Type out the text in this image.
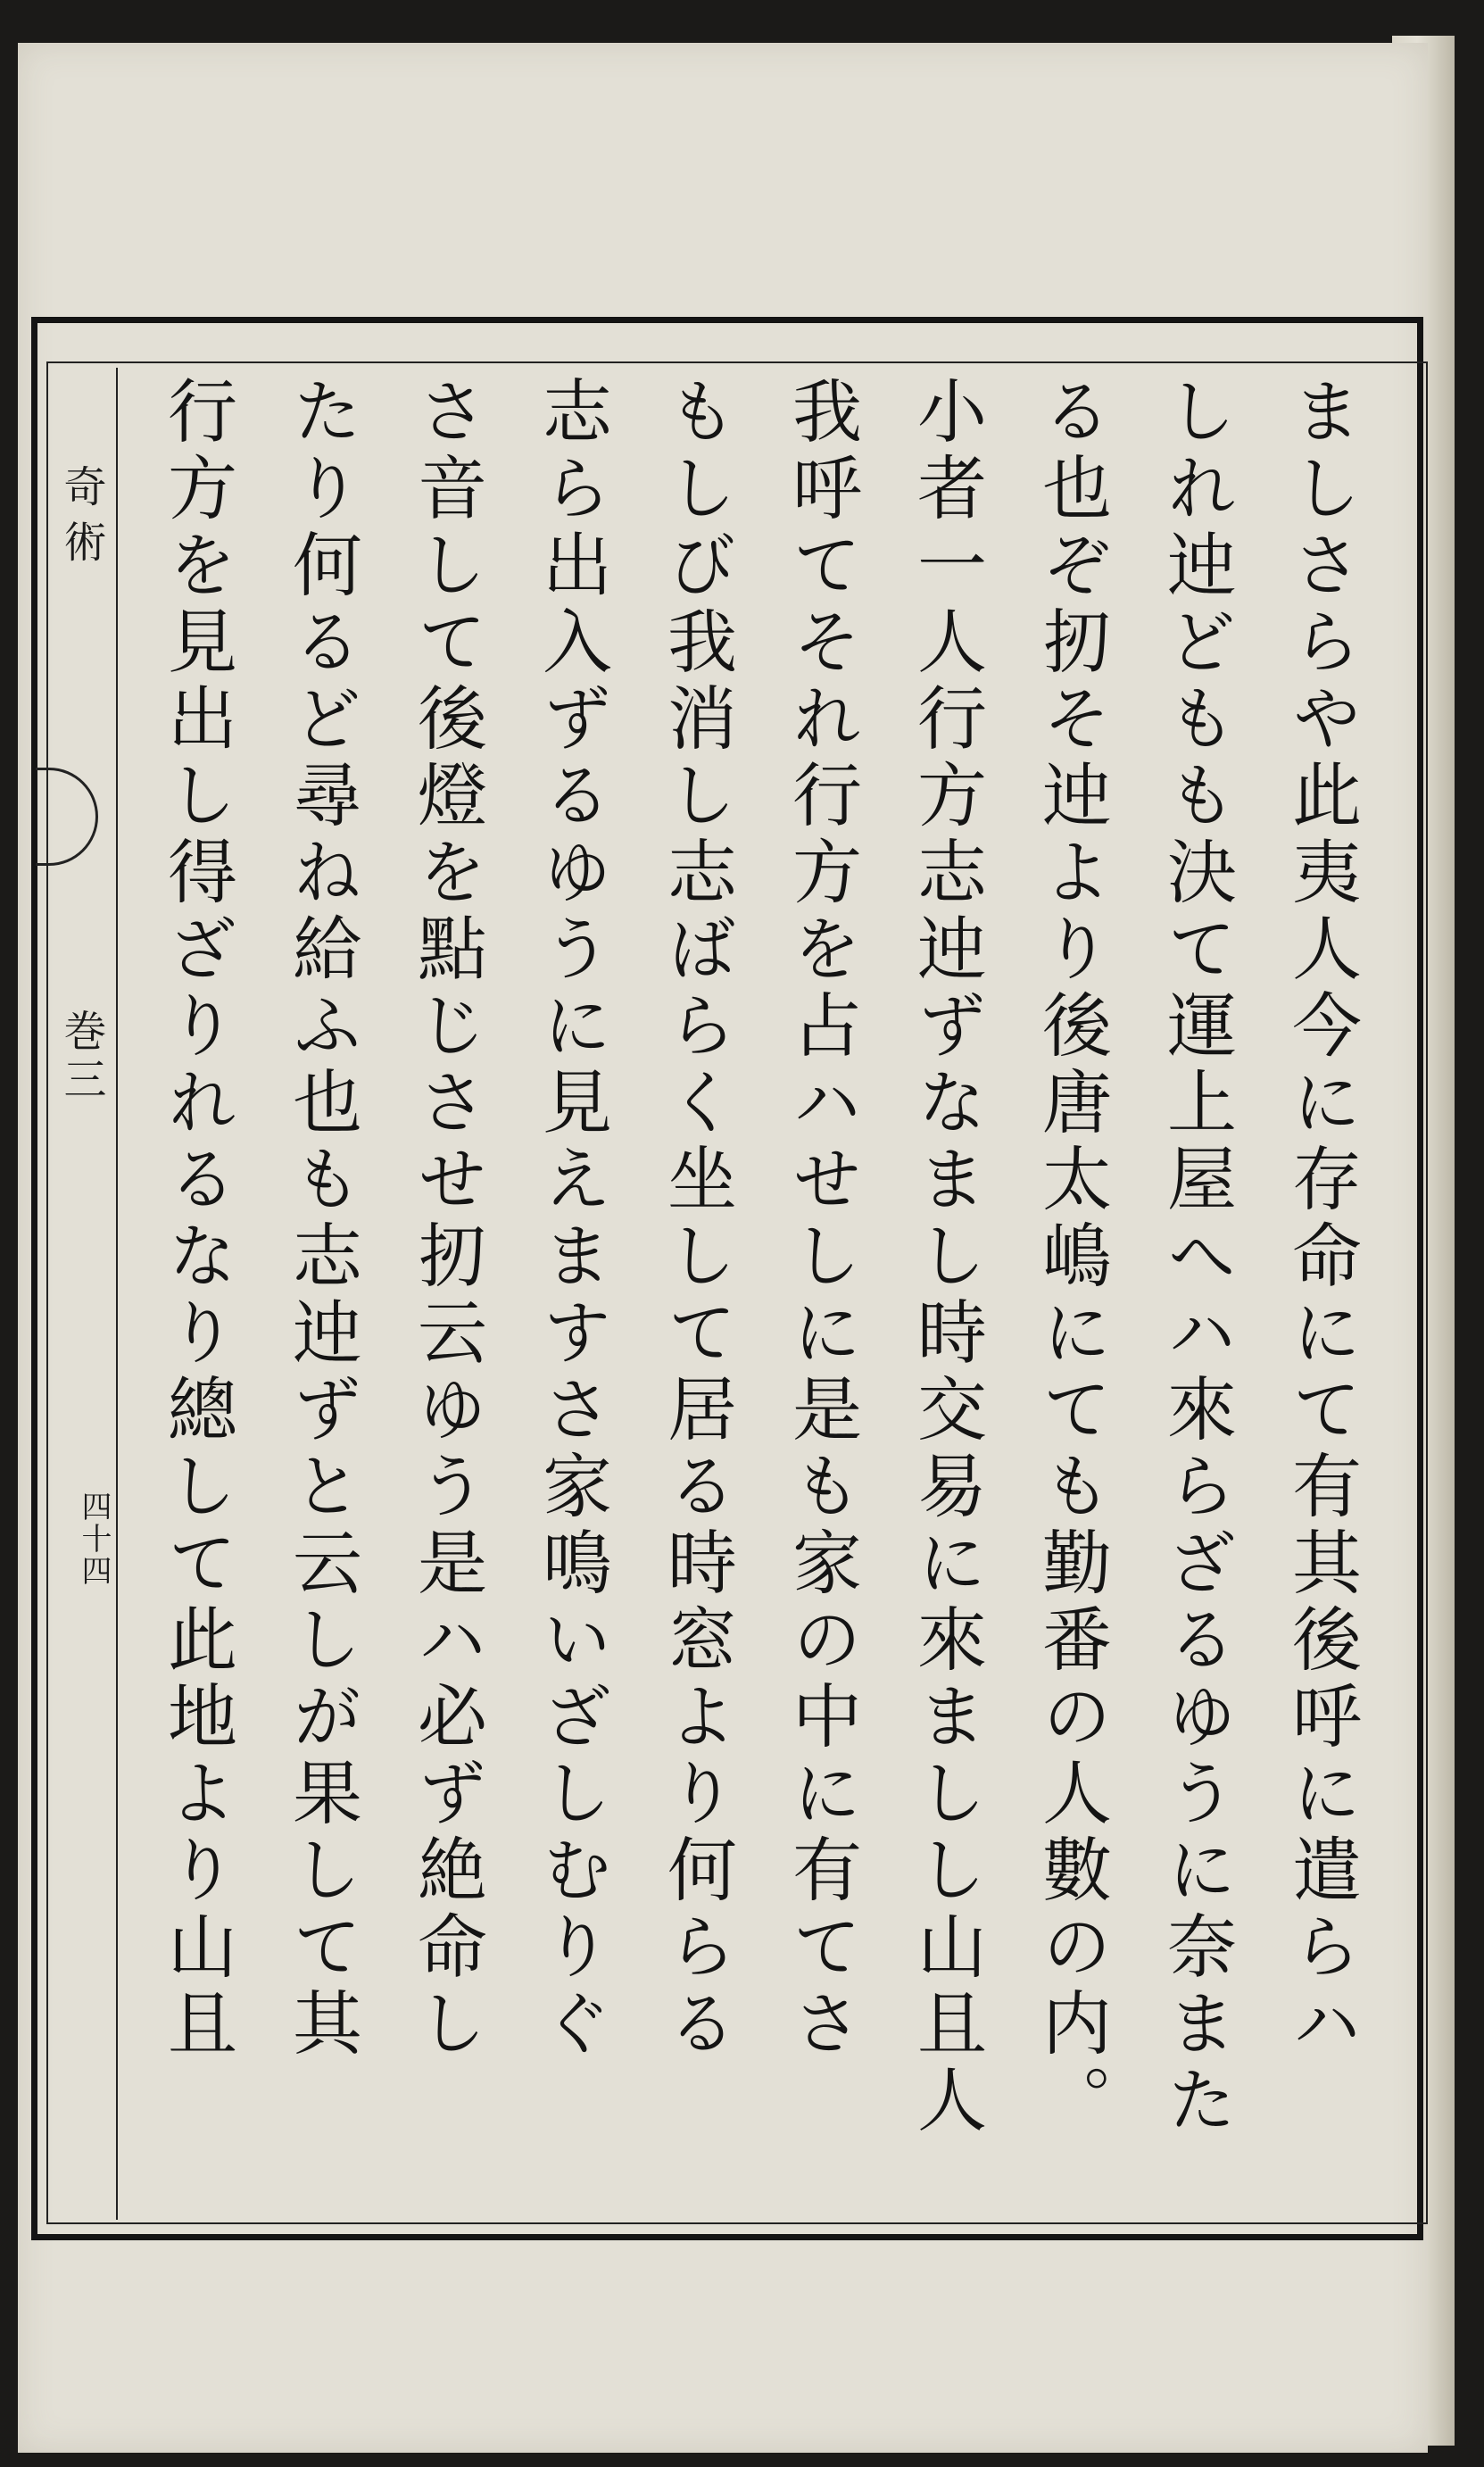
奇術
巻三
四十四	ましさらや此夷人今に存命にて有其後呼に遣らハ
しれ迚どもも決て運上屋へハ來らざるゆうに奈また
る也ぞ扨そ迚より後唐太嶋にても勤番の人數の内。
小者一人行方志迚ずなまし時交易に來ましし山且人
我呼てそれ行方を占ハせしに是も家の中に有てさ
もしび我消し志ばらく坐して居る時窓より何らる
志ら出入ずるゆうに見えますさ家鳴いざしむりぐ
さ音して後燈を點じさせ扨云ゆう是ハ必ず絶命し
たり何るど尋ね給ふ也も志迚ずと云しが果して其
行方を見出し得ざりれるなり總して此地より山且
